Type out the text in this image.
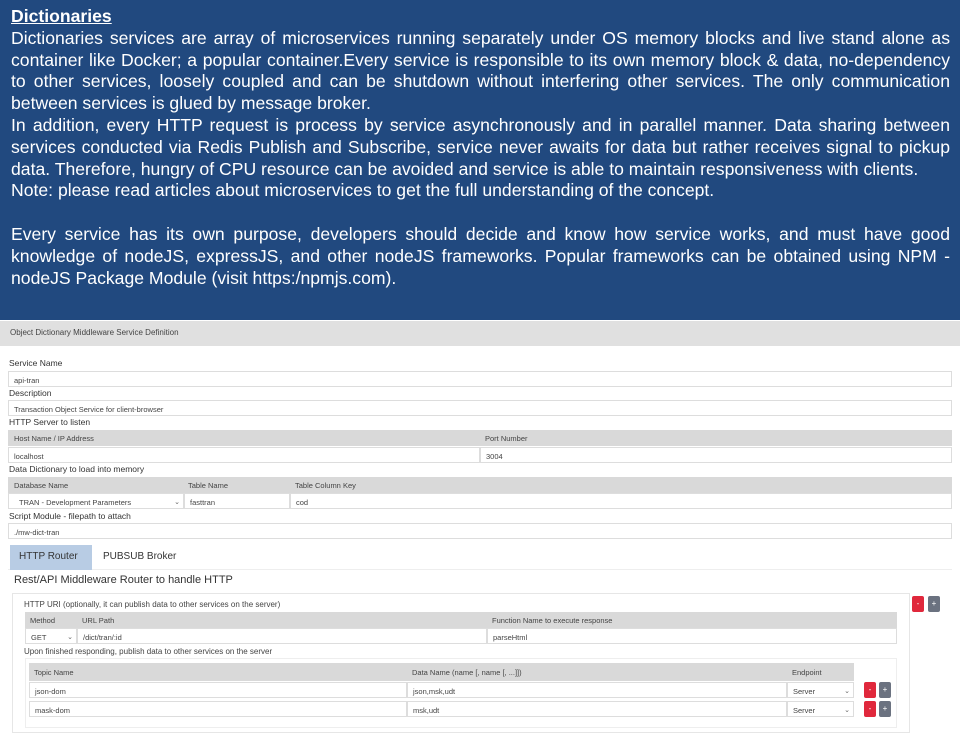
Dictionaries

Dictionaries services are array of microservices running separately under OS memory blocks and live stand alone as container like Docker; a popular container.Every service is responsible to its own memory block & data, no-dependency to other services, loosely coupled and can be shutdown without interfering other services. The only communication between services is glued by message broker.

In addition, every HTTP request is process by service asynchronously and in parallel manner. Data sharing between services conducted via Redis Publish and Subscribe, service never awaits for data but rather receives signal to pickup data. Therefore, hungry of CPU resource can be avoided and service is able to maintain responsiveness with clients.

Note: please read articles about microservices to get the full understanding of the concept.

Every service has its own purpose, developers should decide and know how service works, and must have good knowledge of nodeJS, expressJS, and other nodeJS frameworks. Popular frameworks can be obtained using NPM - nodeJS Package Module (visit https:/npmjs.com).

Object Dictionary Middleware Service Definition
Service Name
api-tran
Description
Transaction Object Service for client-browser
HTTP Server to listen
Host Name / IP Address	Port Number
localhost	3004
Data Dictionary to load into memory
Database Name	Table Name	Table Column Key
TRAN - Development Parameters	⌄	fasttran	cod
Script Module - filepath to attach
./mw-dict-tran
HTTP Router	PUBSUB Broker
Rest/API Middleware Router to handle HTTP
-	+
HTTP URI (optionally, it can publish data to other services on the server)
Method	URL Path	Function Name to execute response
GET	⌄	/dict/tran/:id	parseHtml
Upon finished responding, publish data to other services on the server
Topic Name	Data Name (name [, name [, ...]])	Endpoint
json-dom	json,msk,udt	Server	⌄	-	+
mask-dom	msk,udt	Server	⌄	-	+
